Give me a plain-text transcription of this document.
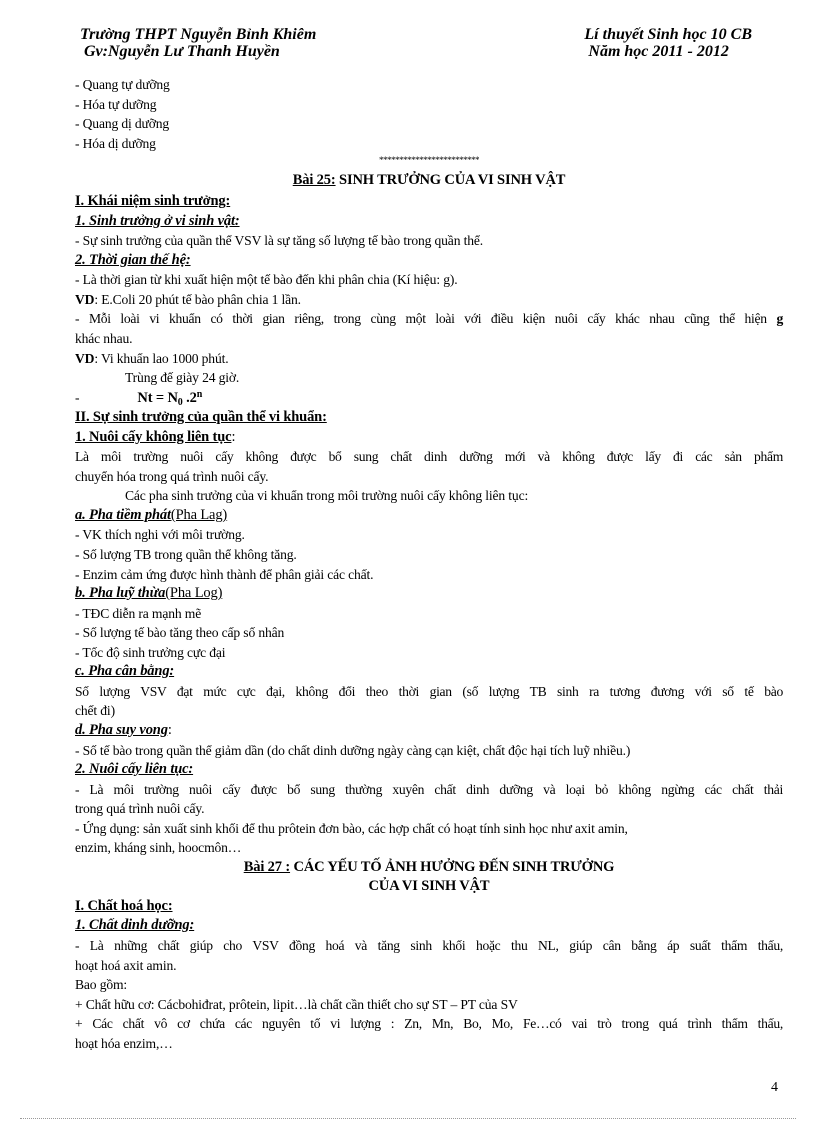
Trường THPT Nguyễn Bỉnh Khiêm
Gv:Nguyễn Lư Thanh Huyền
Lí thuyết Sinh học 10 CB
Năm học 2011 - 2012
- Quang tự dưỡng
- Hóa tự dưỡng
- Quang dị dưỡng
- Hóa dị dưỡng
*************************
Bài 25: SINH TRƯỞNG CỦA VI SINH VẬT
I. Khái niệm sinh trưởng:
1. Sinh trưởng ở vi sinh vật:
- Sự sinh trưởng của quần thể VSV là sự tăng số lượng tế bào trong quần thể.
2. Thời gian thế hệ:
- Là thời gian từ khi xuất hiện một tế bào đến khi phân chia (Kí hiệu: g).
VD: E.Coli 20 phút tế bào phân chia 1 lần.
- Mỗi loài vi khuẩn có thời gian riêng, trong cùng một loài với điều kiện nuôi cấy khác nhau cũng thể hiện g
khác nhau.
VD: Vi khuẩn lao 1000 phút.
Trùng đế giày 24 giờ.
-	$Nt = N_0$ .2$^n$
II. Sự sinh trưởng của quần thể vi khuẩn:
1. Nuôi cấy không liên tục:
Là môi trường nuôi cấy không được bổ sung chất dinh dưỡng mới và không được lấy đi các sản phẩm
chuyển hóa trong quá trình nuôi cấy.
Các pha sinh trưởng của vi khuẩn trong môi trường nuôi cấy không liên tục:
a. Pha tiềm phát(Pha Lag)
- VK thích nghi với môi trường.
- Số lượng TB trong quần thể không tăng.
- Enzim cảm ứng được hình thành để phân giải các chất.
b. Pha luỹ thừa(Pha Log)
- TĐC diễn ra mạnh mẽ
- Số lượng tế bào tăng theo cấp số nhân
- Tốc độ sinh trưởng cực đại
c. Pha cân bằng:
Số lượng VSV đạt mức cực đại, không đổi theo thời gian (số lượng TB sinh ra tương đương với số tế bào
chết đi)
d. Pha suy vong:
- Số tế bào trong quần thể giảm dần (do chất dinh dưỡng ngày càng cạn kiệt, chất độc hại tích luỹ nhiều.)
2. Nuôi cấy liên tục:
- Là môi trường nuôi cấy được bổ sung thường xuyên chất dinh dưỡng và loại bỏ không ngừng các chất thải
trong quá trình nuôi cấy.
- Ứng dụng: sản xuất sinh khối để thu prôtein đơn bào, các hợp chất có hoạt tính sinh học như axit amin,
enzim, kháng sinh, hoocmôn…
Bài 27 : CÁC YẾU TỐ ẢNH HƯỞNG ĐẾN SINH TRƯỞNG
CỦA VI SINH VẬT
I. Chất hoá học:
1. Chất dinh dưỡng:
- Là những chất giúp cho VSV đồng hoá và tăng sinh khối hoặc thu NL, giúp cân bằng áp suất thẩm thấu,
hoạt hoá axit amin.
Bao gồm:
+ Chất hữu cơ: Cácbohiđrat, prôtein, lipit…là chất cần thiết cho sự ST – PT của SV
+ Các chất vô cơ chứa các nguyên tố vi lượng : Zn, Mn, Bo, Mo, Fe…có vai trò trong quá trình thẩm thấu,
hoạt hóa enzim,…
4
